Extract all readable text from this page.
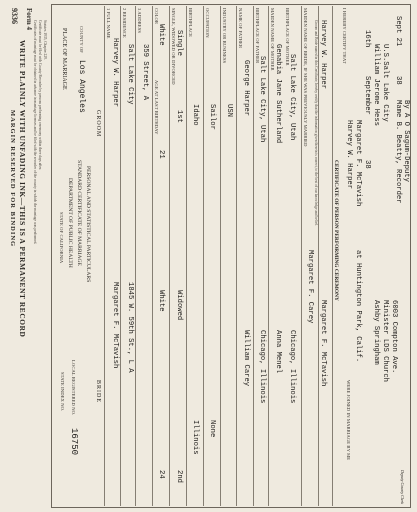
MARGIN RESERVED FOR BINDING WRITE PLAINLY WITH UNFADING INK—THIS IS A PERMANENT RECORD Certificates of marriage must be obtained in advance in marriage licenses and be filed with the recorder of the county in which the marriage was performed. Certificate must be filed with County Recorder by persons performing ceremony within three days after. Statutes 1935, Chapter 229.
Form 4
9336
STATE OF CALIFORNIA DEPARTMENT OF PUBLIC HEALTH STANDARD CERTIFICATE OF MARRIAGE PERSONAL AND STATISTICAL PARTICULARS
STATE INDEX NO. LOCAL REGISTERED NO.
16750
Deputy County Clerk
PLACE OF MARRIAGE	COUNTY OF
Los Angeles
GROOM
BRIDE
1 FULL NAME
Harvey W. Harper
2 RESIDENCE
Salt Lake City
3 ADDRESS
359 Street, A
COLOR
White
AGE AT LAST BIRTHDAY
21
SINGLE, WIDOWED OR DIVORCED Single
1st
BIRTHPLACE
Idaho
OCCUPATION
Sailor
INDUSTRY OR BUSINESS
USN
NAME OF FATHER
George Harper
BIRTHPLACE OF FATHER
Salt Lake City, Utah
MAIDEN NAME OF MOTHER
Genabia Jane Sutherland
BIRTHPLACE OF MOTHER
Salt Lake City, Utah
Margaret F. McTavish 1845 W. 59th St., L A	White
24
Widowed
2nd
Illinois None
William Carey Chicago, Illinois Anna Menel Chicago, Illinois
MAIDEN NAME OF BRIDE, IF SHE WAS PREVIOUSLY MARRIED
Margaret F. Carey
Harvey W. Harper
Margaret F. McTavish
Groom and Bride named in this Certificate, hereby certify that the information given therein is correct, to the best of our knowledge and belief.
CERTIFICATE OF PERSON PERFORMING CEREMONY
I HEREBY CERTIFY THAT
Harvey W. Harper Margaret F. McTavish
at Huntington Park, Calif.
WERE JOINED IN MARRIAGE BY ME
16th
September
38
William Jerome Hess U.S.Salt Lake City
Ashby Springham Minister LDS Church 6003 Compton Ave.
Sept 21
38
Mame B. Beatty, Recorder By A O Sagum-Deputy
